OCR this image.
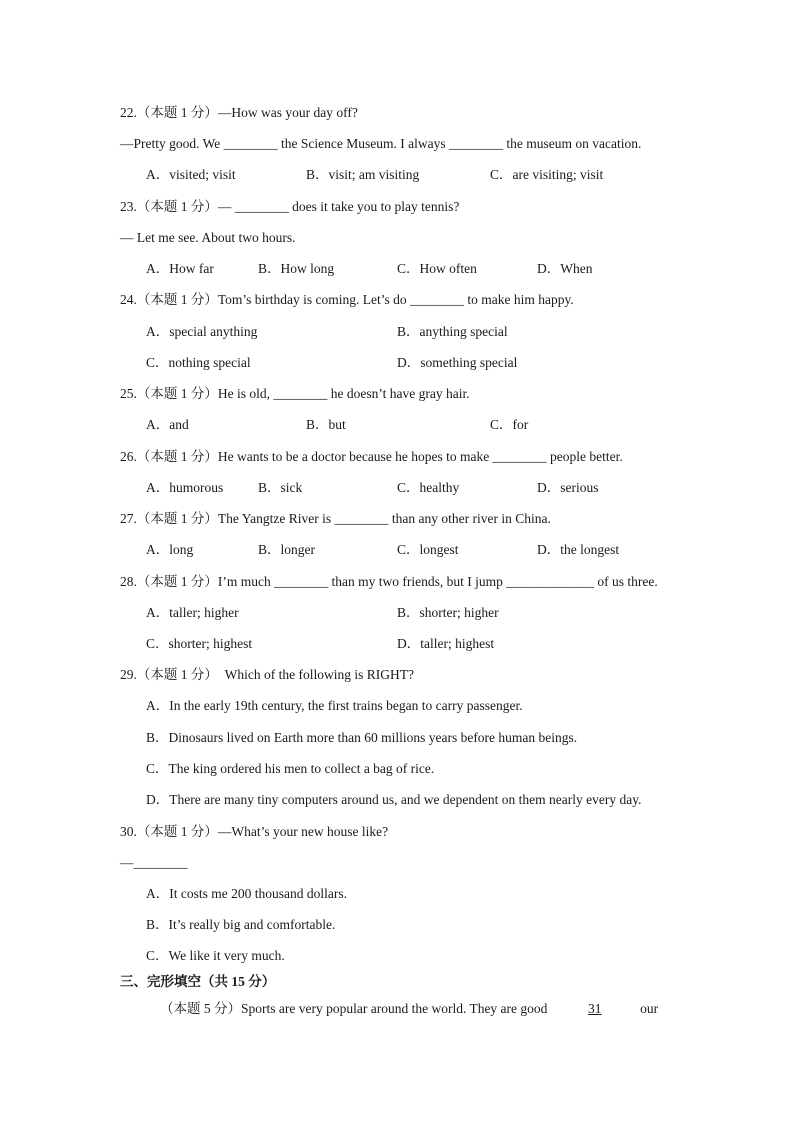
22.（本题 1 分）—How was your day off?
—Pretty good. We ________ the Science Museum. I always ________ the museum on vacation.
A．visited; visit	B．visit; am visiting	C．are visiting; visit
23.（本题 1 分）— ________ does it take you to play tennis?
— Let me see. About two hours.
A．How far	B．How long	C．How often	D．When
24.（本题 1 分）Tom’s birthday is coming. Let’s do ________ to make him happy.
A．special anything	B．anything special
C．nothing special	D．something special
25.（本题 1 分）He is old, ________ he doesn’t have gray hair.
A．and	B．but	C．for
26.（本题 1 分）He wants to be a doctor because he hopes to make ________ people better.
A．humorous	B．sick	C．healthy	D．serious
27.（本题 1 分）The Yangtze River is ________ than any other river in China.
A．long	B．longer	C．longest	D．the longest
28.（本题 1 分）I’m much ________ than my two friends, but I jump _____________ of us three.
A．taller; higher	B．shorter; higher
C．shorter; highest	D．taller; highest
29.（本题 1 分） Which of the following is RIGHT?
A．In the early 19th century, the first trains began to carry passenger.
B．Dinosaurs lived on Earth more than 60 millions years before human beings.
C．The king ordered his men to collect a bag of rice.
D．There are many tiny computers around us, and we dependent on them nearly every day.
30.（本题 1 分）—What’s your new house like?
—________
A．It costs me 200 thousand dollars.
B．It’s really big and comfortable.
C．We like it very much.
三、完形填空（共 15 分）
（本题 5 分）Sports are very popular around the world. They are good	31	our
